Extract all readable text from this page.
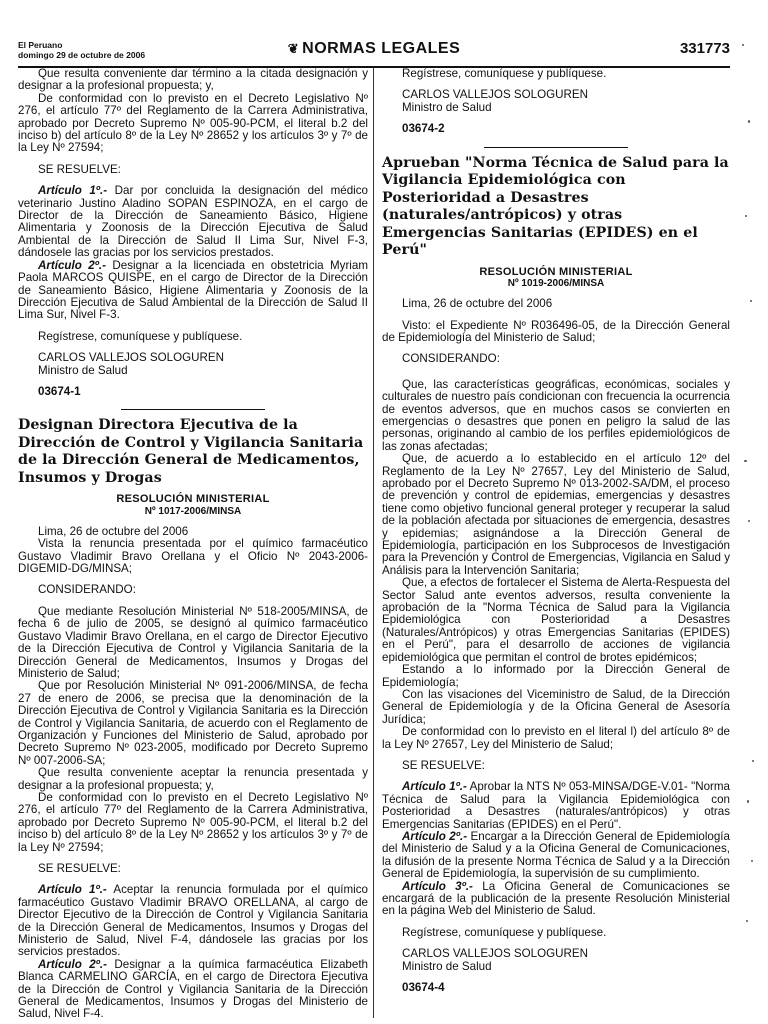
El Peruano
domingo 29 de octubre de 2006	❦ NORMAS LEGALES	331773

Que resulta conveniente dar término a la citada designación y designar a la profesional propuesta; y,

De conformidad con lo previsto en el Decreto Legislativo Nº 276, el artículo 77º del Reglamento de la Carrera Administrativa, aprobado por Decreto Supremo Nº 005-90-PCM, el literal b.2 del inciso b) del artículo 8º de la Ley Nº 28652 y los artículos 3º y 7º de la Ley Nº 27594;

SE RESUELVE:

Artículo 1º.- Dar por concluida la designación del médico veterinario Justino Aladino SOPAN ESPINOZA, en el cargo de Director de la Dirección de Saneamiento Básico, Higiene Alimentaria y Zoonosis de la Dirección Ejecutiva de Salud Ambiental de la Dirección de Salud II Lima Sur, Nivel F-3, dándosele las gracias por los servicios prestados.

Artículo 2º.- Designar a la licenciada en obstetricia Myriam Paola MARCOS QUISPE, en el cargo de Director de la Dirección de Saneamiento Básico, Higiene Alimentaria y Zoonosis de la Dirección Ejecutiva de Salud Ambiental de la Dirección de Salud II Lima Sur, Nivel F-3.

Regístrese, comuníquese y publíquese.

CARLOS VALLEJOS SOLOGUREN

Ministro de Salud

03674-1

Designan Directora Ejecutiva de la Dirección de Control y Vigilancia Sanitaria de la Dirección General de Medicamentos, Insumos y Drogas
RESOLUCIÓN MINISTERIAL
Nº 1017-2006/MINSA

Lima, 26 de octubre del 2006

Vista la renuncia presentada por el químico farmacéutico Gustavo Vladimir Bravo Orellana y el Oficio Nº 2043-2006-DIGEMID-DG/MINSA;

CONSIDERANDO:

Que mediante Resolución Ministerial Nº 518-2005/MINSA, de fecha 6 de julio de 2005, se designó al químico farmacéutico Gustavo Vladimir Bravo Orellana, en el cargo de Director Ejecutivo de la Dirección Ejecutiva de Control y Vigilancia Sanitaria de la Dirección General de Medicamentos, Insumos y Drogas del Ministerio de Salud;

Que por Resolución Ministerial Nº 091-2006/MINSA, de fecha 27 de enero de 2006, se precisa que la denominación de la Dirección Ejecutiva de Control y Vigilancia Sanitaria es la Dirección de Control y Vigilancia Sanitaria, de acuerdo con el Reglamento de Organización y Funciones del Ministerio de Salud, aprobado por Decreto Supremo Nº 023-2005, modificado por Decreto Supremo Nº 007-2006-SA;

Que resulta conveniente aceptar la renuncia presentada y designar a la profesional propuesta; y,

De conformidad con lo previsto en el Decreto Legislativo Nº 276, el artículo 77º del Reglamento de la Carrera Administrativa, aprobado por Decreto Supremo Nº 005-90-PCM, el literal b.2 del inciso b) del artículo 8º de la Ley Nº 28652 y los artículos 3º y 7º de la Ley Nº 27594;

SE RESUELVE:

Artículo 1º.- Aceptar la renuncia formulada por el químico farmacéutico Gustavo Vladimir BRAVO ORELLANA, al cargo de Director Ejecutivo de la Dirección de Control y Vigilancia Sanitaria de la Dirección General de Medicamentos, Insumos y Drogas del Ministerio de Salud, Nivel F-4, dándosele las gracias por los servicios prestados.

Artículo 2º.- Designar a la química farmacéutica Elizabeth Blanca CARMELINO GARCÍA, en el cargo de Directora Ejecutiva de la Dirección de Control y Vigilancia Sanitaria de la Dirección General de Medicamentos, Insumos y Drogas del Ministerio de Salud, Nivel F-4.

Regístrese, comuníquese y publíquese.

CARLOS VALLEJOS SOLOGUREN

Ministro de Salud

03674-2

Aprueban "Norma Técnica de Salud para la Vigilancia Epidemiológica con Posterioridad a Desastres (naturales/antrópicos) y otras Emergencias Sanitarias (EPIDES) en el Perú"
RESOLUCIÓN MINISTERIAL
Nº 1019-2006/MINSA

Lima, 26 de octubre del 2006

Visto: el Expediente Nº R036496-05, de la Dirección General de Epidemiología del Ministerio de Salud;

CONSIDERANDO:

Que, las características geográficas, económicas, sociales y culturales de nuestro país condicionan con frecuencia la ocurrencia de eventos adversos, que en muchos casos se convierten en emergencias o desastres que ponen en peligro la salud de las personas, originando al cambio de los perfiles epidemiológicos de las zonas afectadas;

Que, de acuerdo a lo establecido en el artículo 12º del Reglamento de la Ley Nº 27657, Ley del Ministerio de Salud, aprobado por el Decreto Supremo Nº 013-2002-SA/DM, el proceso de prevención y control de epidemias, emergencias y desastres tiene como objetivo funcional general proteger y recuperar la salud de la población afectada por situaciones de emergencia, desastres y epidemias; asignándose a la Dirección General de Epidemiología, participación en los Subprocesos de Investigación para la Prevención y Control de Emergencias, Vigilancia en Salud y Análisis para la Intervención Sanitaria;

Que, a efectos de fortalecer el Sistema de Alerta-Respuesta del Sector Salud ante eventos adversos, resulta conveniente la aprobación de la "Norma Técnica de Salud para la Vigilancia Epidemiológica con Posterioridad a Desastres (Naturales/Antrópicos) y otras Emergencias Sanitarias (EPIDES) en el Perú", para el desarrollo de acciones de vigilancia epidemiológica que permitan el control de brotes epidémicos;

Estando a lo informado por la Dirección General de Epidemiología;

Con las visaciones del Viceministro de Salud, de la Dirección General de Epidemiología y de la Oficina General de Asesoría Jurídica;

De conformidad con lo previsto en el literal l) del artículo 8º de la Ley Nº 27657, Ley del Ministerio de Salud;

SE RESUELVE:

Artículo 1º.- Aprobar la NTS Nº 053-MINSA/DGE-V.01- "Norma Técnica de Salud para la Vigilancia Epidemiológica con Posterioridad a Desastres (naturales/antrópicos) y otras Emergencias Sanitarias (EPIDES) en el Perú".

Artículo 2º.- Encargar a la Dirección General de Epidemiología del Ministerio de Salud y a la Oficina General de Comunicaciones, la difusión de la presente Norma Técnica de Salud y a la Dirección General de Epidemiología, la supervisión de su cumplimiento.

Artículo 3º.- La Oficina General de Comunicaciones se encargará de la publicación de la presente Resolución Ministerial en la página Web del Ministerio de Salud.

Regístrese, comuníquese y publíquese.

CARLOS VALLEJOS SOLOGUREN

Ministro de Salud

03674-4
